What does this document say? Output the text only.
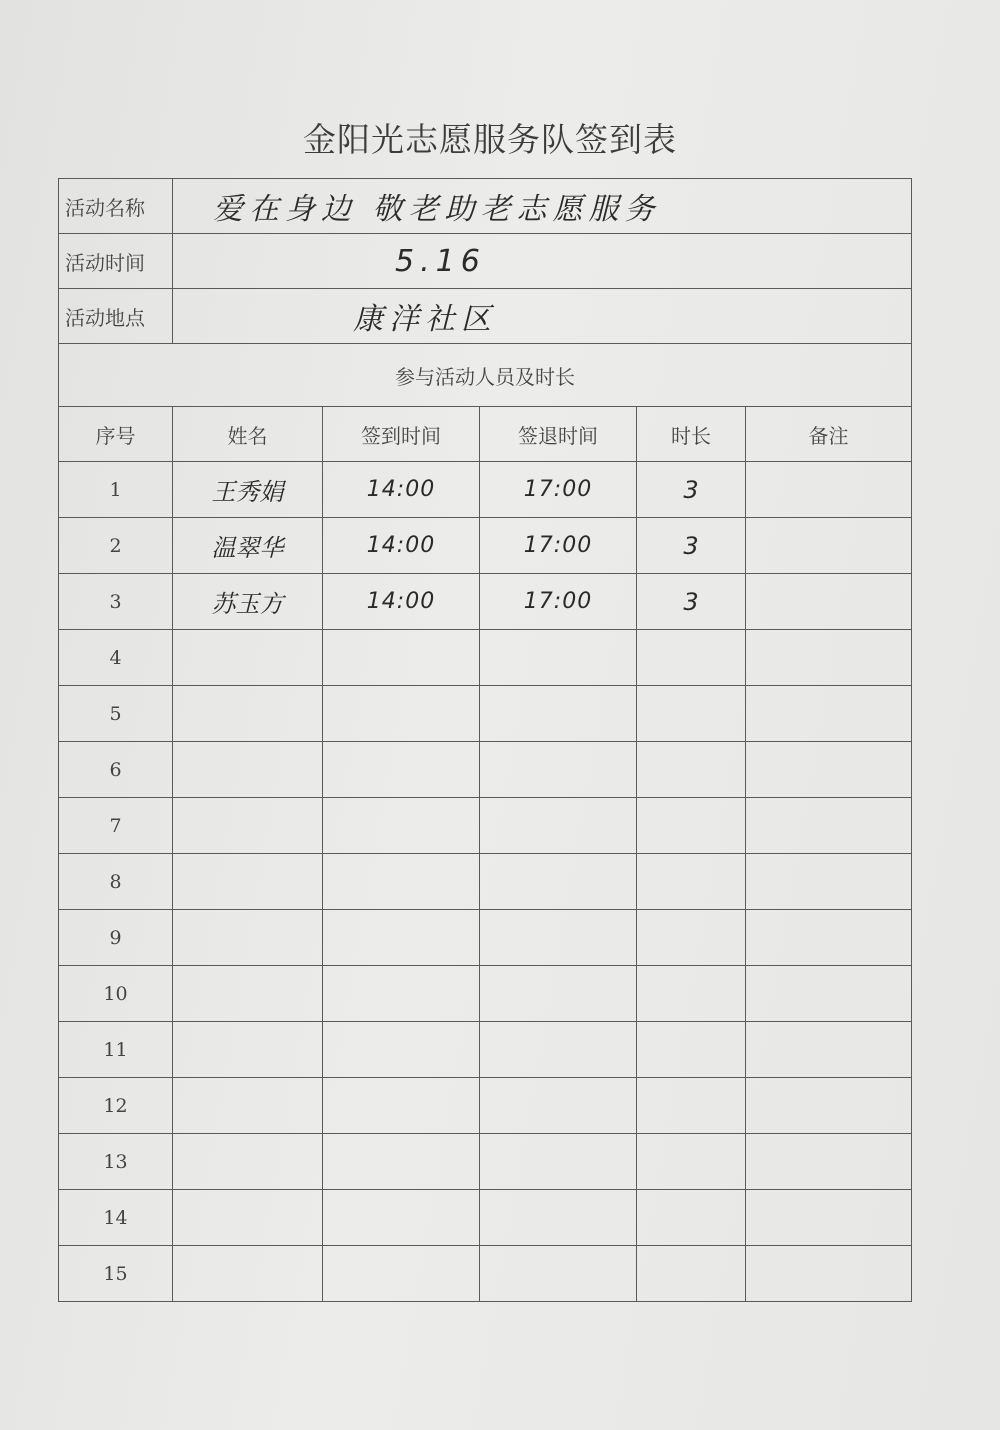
金阳光志愿服务队签到表
活动名称	爱在身边 敬老助老志愿服务				
活动时间	5.16				
活动地点	康洋社区				
参与活动人员及时长					
序号	姓名	签到时间	签退时间	时长	备注
1	王秀娟	14:00	17:00	3	
2	温翠华	14:00	17:00	3	
3	苏玉方	14:00	17:00	3	
4					
5					
6					
7					
8					
9					
10					
11					
12					
13					
14					
15					
